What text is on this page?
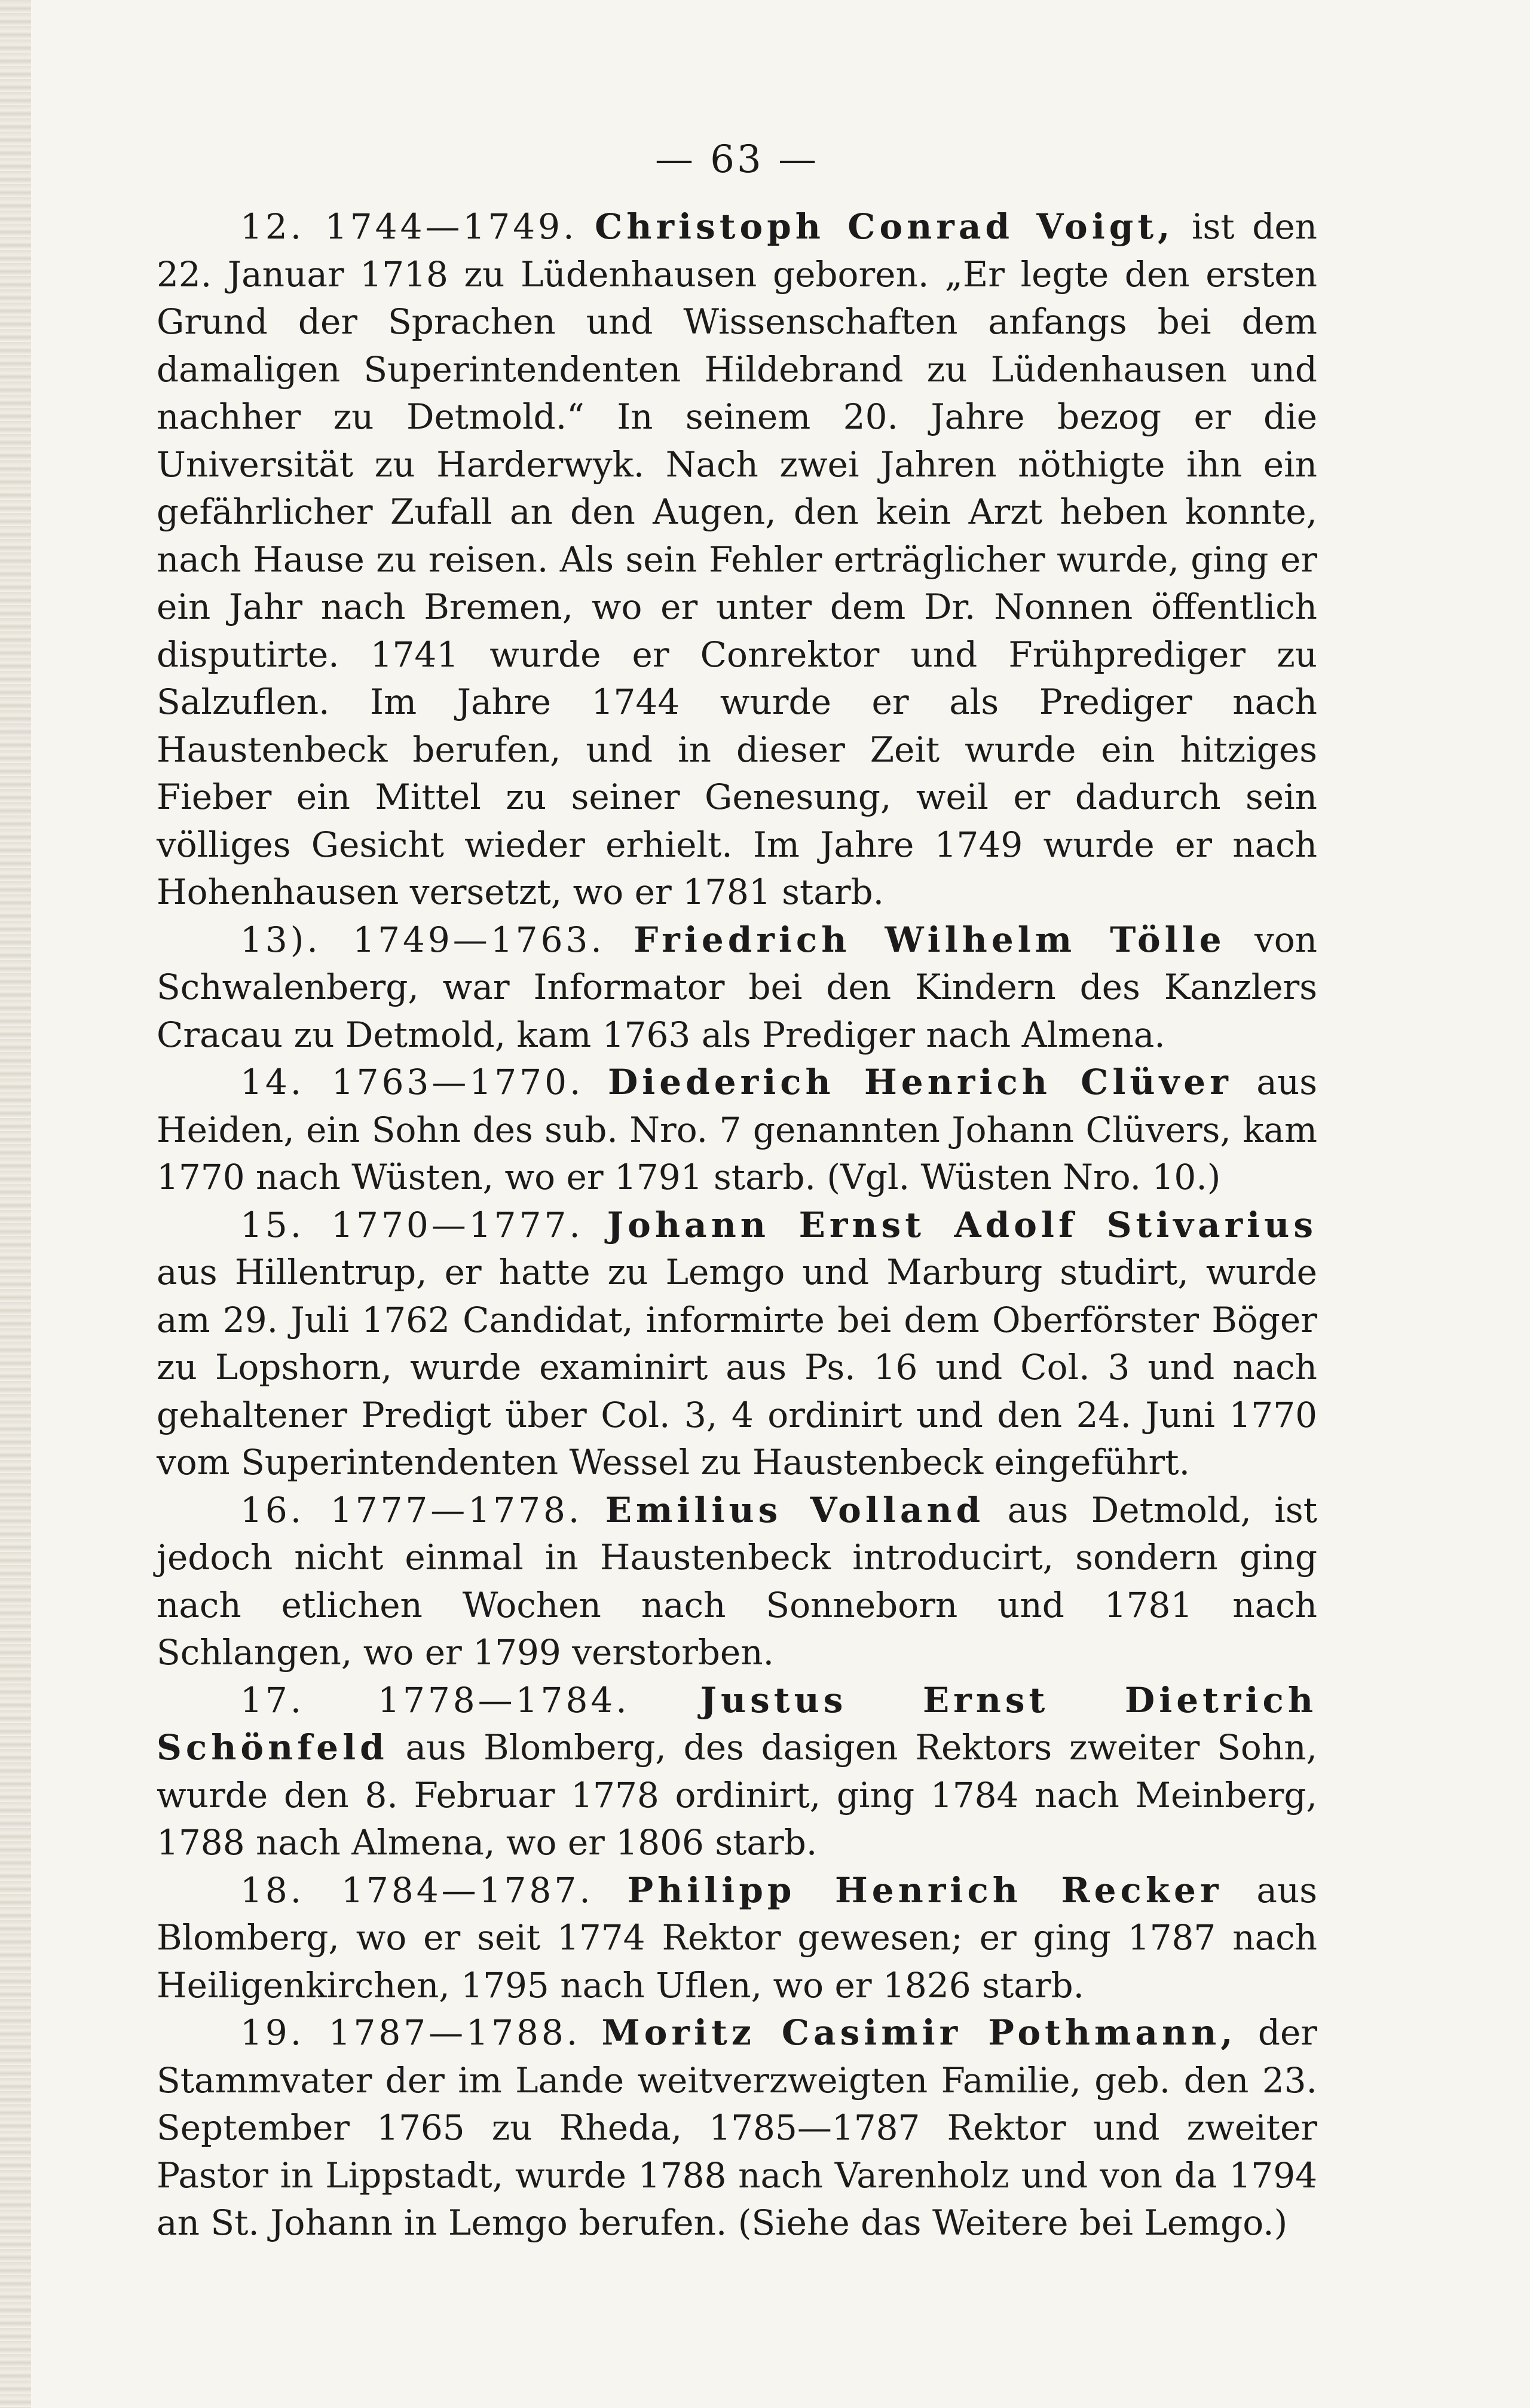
— 63 —

12. 1744—1749. Christoph Conrad Voigt, ist den 22. Januar 1718 zu Lüdenhausen geboren. „Er legte den ersten Grund der Sprachen und Wissenschaften anfangs bei dem damaligen Superintendenten Hildebrand zu Lüdenhausen und nachher zu Detmold.“ In seinem 20. Jahre bezog er die Universität zu Harderwyk. Nach zwei Jahren nöthigte ihn ein gefährlicher Zufall an den Augen, den kein Arzt heben konnte, nach Hause zu reisen. Als sein Fehler erträglicher wurde, ging er ein Jahr nach Bremen, wo er unter dem Dr. Nonnen öffentlich disputirte. 1741 wurde er Conrektor und Frühprediger zu Salzuflen. Im Jahre 1744 wurde er als Prediger nach Haustenbeck berufen, und in dieser Zeit wurde ein hitziges Fieber ein Mittel zu seiner Genesung, weil er dadurch sein völliges Gesicht wieder erhielt. Im Jahre 1749 wurde er nach Hohenhausen versetzt, wo er 1781 starb.

13). 1749—1763. Friedrich Wilhelm Tölle von Schwalenberg, war Informator bei den Kindern des Kanzlers Cracau zu Detmold, kam 1763 als Prediger nach Almena.

14. 1763—1770. Diederich Henrich Clüver aus Heiden, ein Sohn des sub. Nro. 7 genannten Johann Clüvers, kam 1770 nach Wüsten, wo er 1791 starb. (Vgl. Wüsten Nro. 10.)

15. 1770—1777. Johann Ernst Adolf Stivarius aus Hillentrup, er hatte zu Lemgo und Marburg studirt, wurde am 29. Juli 1762 Candidat, informirte bei dem Oberförster Böger zu Lopshorn, wurde examinirt aus Ps. 16 und Col. 3 und nach gehaltener Predigt über Col. 3, 4 ordinirt und den 24. Juni 1770 vom Superintendenten Wessel zu Haustenbeck eingeführt.

16. 1777—1778. Emilius Volland aus Detmold, ist jedoch nicht einmal in Haustenbeck introducirt, sondern ging nach etlichen Wochen nach Sonneborn und 1781 nach Schlangen, wo er 1799 verstorben.

17. 1778—1784. Justus Ernst Dietrich Schönfeld aus Blomberg, des dasigen Rektors zweiter Sohn, wurde den 8. Februar 1778 ordinirt, ging 1784 nach Meinberg, 1788 nach Almena, wo er 1806 starb.

18. 1784—1787. Philipp Henrich Recker aus Blomberg, wo er seit 1774 Rektor gewesen; er ging 1787 nach Heiligenkirchen, 1795 nach Uflen, wo er 1826 starb.

19. 1787—1788. Moritz Casimir Pothmann, der Stammvater der im Lande weitverzweigten Familie, geb. den 23. September 1765 zu Rheda, 1785—1787 Rektor und zweiter Pastor in Lippstadt, wurde 1788 nach Varenholz und von da 1794 an St. Johann in Lemgo berufen. (Siehe das Weitere bei Lemgo.)
